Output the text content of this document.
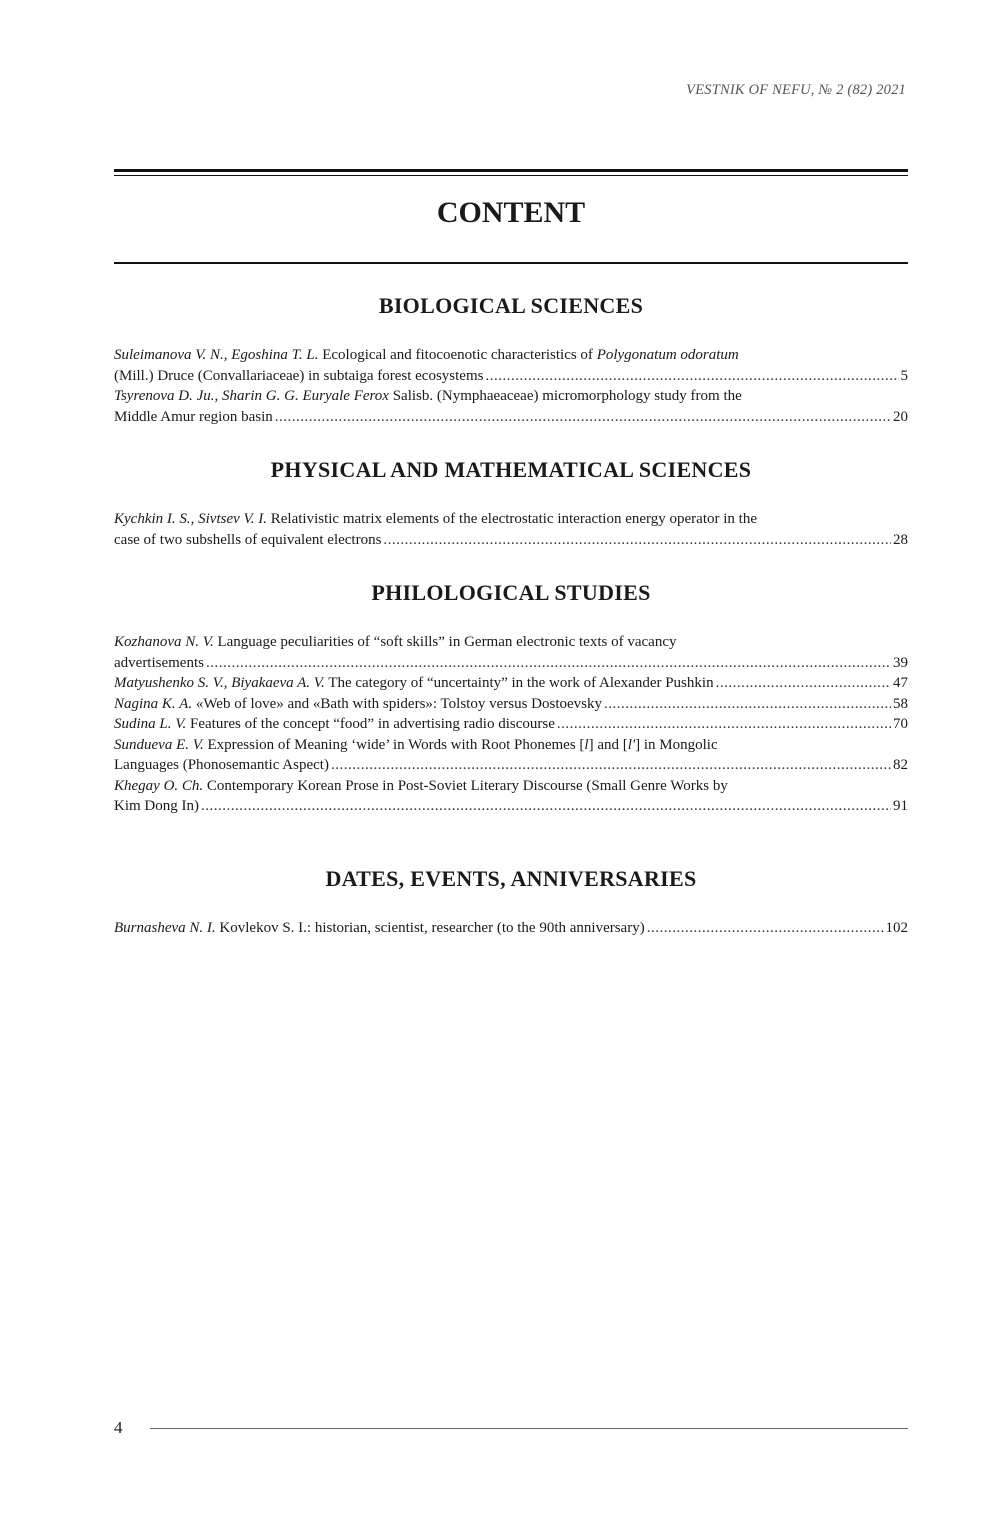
VESTNIK OF NEFU, № 2 (82) 2021
CONTENT
BIOLOGICAL SCIENCES
Suleimanova V. N., Egoshina T. L. Ecological and fitocoenotic characteristics of Polygonatum odoratum
(Mill.) Druce (Convallariaceae) in subtaiga forest ecosystems .....	5
Tsyrenova D. Ju., Sharin G. G. Euryale Ferox Salisb. (Nymphaeaceae) micromorphology study from the
Middle Amur region basin .....	20
PHYSICAL AND MATHEMATICAL SCIENCES
Kychkin I. S., Sivtsev V. I. Relativistic matrix elements of the electrostatic interaction energy operator in the
case of two subshells of equivalent electrons .....	28
PHILOLOGICAL STUDIES
Kozhanova N. V. Language peculiarities of “soft skills” in German electronic texts of vacancy
advertisements .....	39
Matyushenko S. V., Biyakaeva A. V. The category of “uncertainty” in the work of Alexander Pushkin .....	47
Nagina K. A. «Web of love» and «Bath with spiders»: Tolstoy versus Dostoevsky .....	58
Sudina L. V. Features of the concept “food” in advertising radio discourse .....	70
Sundueva E. V. Expression of Meaning ‘wide’ in Words with Root Phonemes [l] and [l'] in Mongolic
Languages (Phonosemantic Aspect) .....	82
Khegay O. Ch. Contemporary Korean Prose in Post-Soviet Literary Discourse (Small Genre Works by
Kim Dong In) .....	91
DATES, EVENTS, ANNIVERSARIES
Burnasheva N. I. Kovlekov S. I.: historian, scientist, researcher (to the 90th anniversary) .....	102
4
